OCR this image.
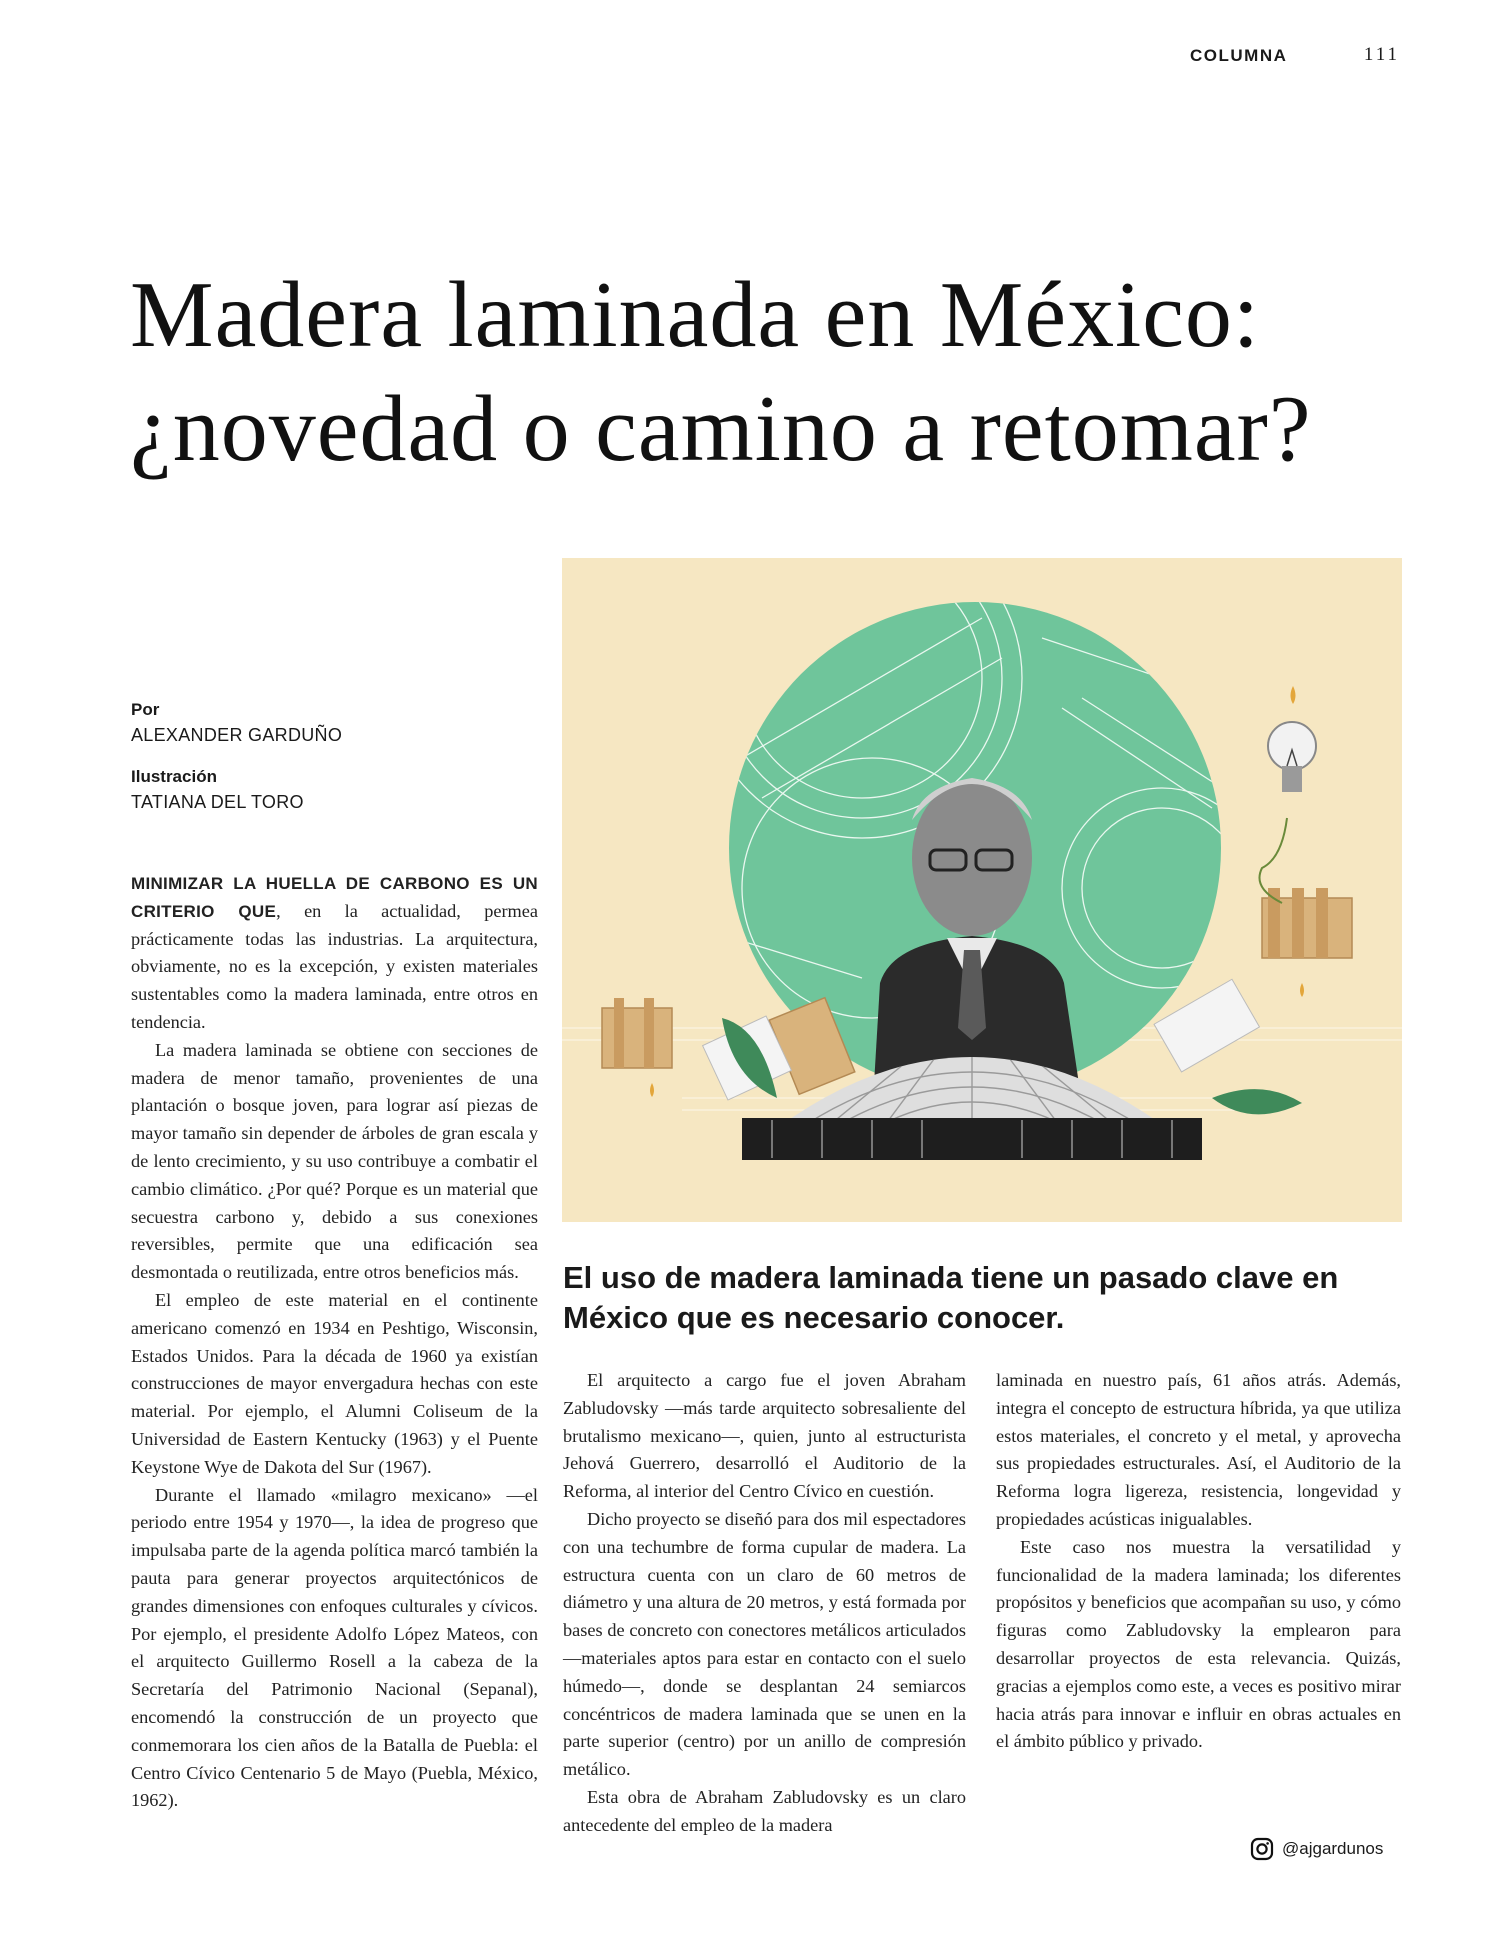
COLUMNA	111
Madera laminada en México:
¿novedad o camino a retomar?

Por

ALEXANDER GARDUÑO

Ilustración

TATIANA DEL TORO

MINIMIZAR LA HUELLA DE CARBONO ES UN CRITERIO QUE, en la actualidad, permea prácticamente todas las industrias. La arquitectura, obviamente, no es la excepción, y existen materiales sustentables como la madera laminada, entre otros en tendencia.

La madera laminada se obtiene con secciones de madera de menor tamaño, provenientes de una plantación o bosque joven, para lograr así piezas de mayor tamaño sin depender de árboles de gran escala y de lento crecimiento, y su uso contribuye a combatir el cambio climático. ¿Por qué? Porque es un material que secuestra carbono y, debido a sus conexiones reversibles, permite que una edificación sea desmontada o reutilizada, entre otros beneficios más.

El empleo de este material en el continente americano comenzó en 1934 en Peshtigo, Wisconsin, Estados Unidos. Para la década de 1960 ya existían construcciones de mayor envergadura hechas con este material. Por ejemplo, el Alumni Coliseum de la Universidad de Eastern Kentucky (1963) y el Puente Keystone Wye de Dakota del Sur (1967).

Durante el llamado «milagro mexicano» —el periodo entre 1954 y 1970—, la idea de progreso que impulsaba parte de la agenda política marcó también la pauta para generar proyectos arquitectónicos de grandes dimensiones con enfoques culturales y cívicos. Por ejemplo, el presidente Adolfo López Mateos, con el arquitecto Guillermo Rosell a la cabeza de la Secretaría del Patrimonio Nacional (Sepanal), encomendó la construcción de un proyecto que conmemorara los cien años de la Batalla de Puebla: el Centro Cívico Centenario 5 de Mayo (Puebla, México, 1962).

El uso de madera laminada tiene un pasado clave en México que es necesario conocer.

El arquitecto a cargo fue el joven Abraham Zabludovsky —más tarde arquitecto sobresaliente del brutalismo mexicano—, quien, junto al estructurista Jehová Guerrero, desarrolló el Auditorio de la Reforma, al interior del Centro Cívico en cuestión.

Dicho proyecto se diseñó para dos mil espectadores con una techumbre de forma cupular de madera. La estructura cuenta con un claro de 60 metros de diámetro y una altura de 20 metros, y está formada por bases de concreto con conectores metálicos articulados —materiales aptos para estar en contacto con el suelo húmedo—, donde se desplantan 24 semiarcos concéntricos de madera laminada que se unen en la parte superior (centro) por un anillo de compresión metálico.

Esta obra de Abraham Zabludovsky es un claro antecedente del empleo de la madera

laminada en nuestro país, 61 años atrás. Además, integra el concepto de estructura híbrida, ya que utiliza estos materiales, el concreto y el metal, y aprovecha sus propiedades estructurales. Así, el Auditorio de la Reforma logra ligereza, resistencia, longevidad y propiedades acústicas inigualables.

Este caso nos muestra la versatilidad y funcionalidad de la madera laminada; los diferentes propósitos y beneficios que acompañan su uso, y cómo figuras como Zabludovsky la emplearon para desarrollar proyectos de esta relevancia. Quizás, gracias a ejemplos como este, a veces es positivo mirar hacia atrás para innovar e influir en obras actuales en el ámbito público y privado.

@ajgardunos
